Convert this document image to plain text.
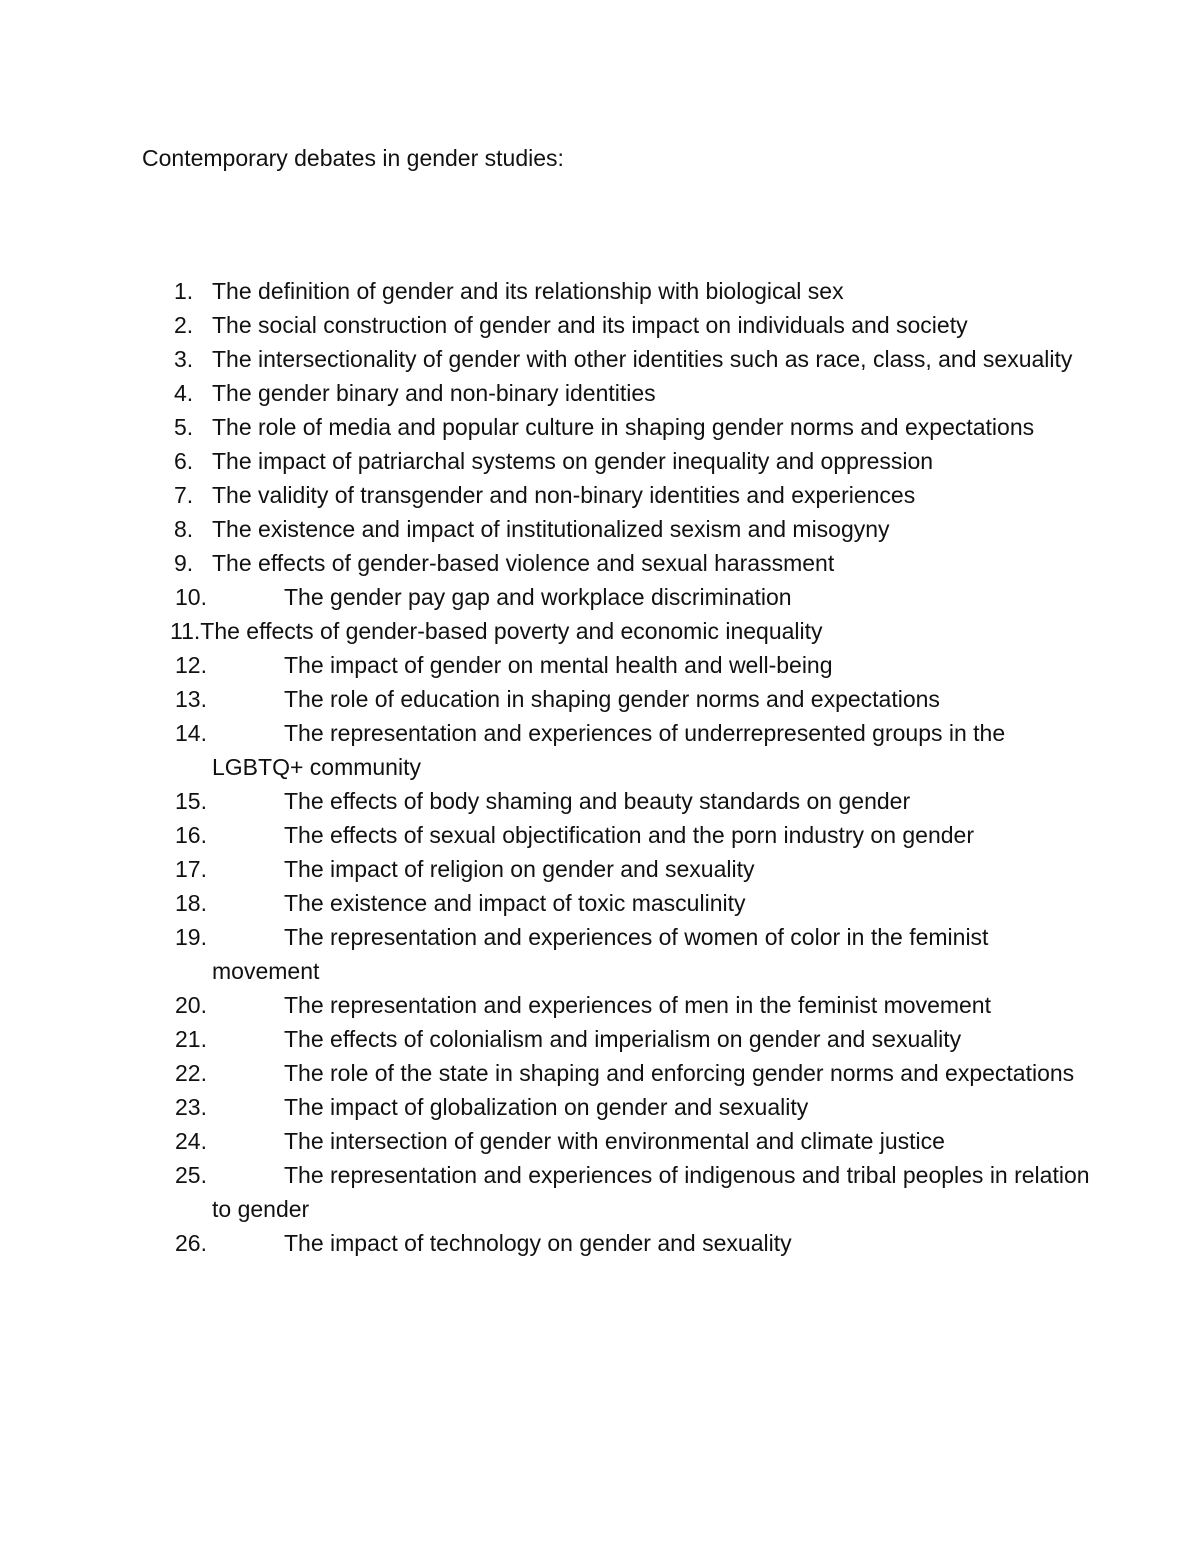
Contemporary debates in gender studies:

1. The definition of gender and its relationship with biological sex
2. The social construction of gender and its impact on individuals and society
3. The intersectionality of gender with other identities such as race, class, and sexuality
4. The gender binary and non-binary identities
5. The role of media and popular culture in shaping gender norms and expectations
6. The impact of patriarchal systems on gender inequality and oppression
7. The validity of transgender and non-binary identities and experiences
8. The existence and impact of institutionalized sexism and misogyny
9. The effects of gender-based violence and sexual harassment
10.	The gender pay gap and workplace discrimination
11.The effects of gender-based poverty and economic inequality
12.	The impact of gender on mental health and well-being
13.	The role of education in shaping gender norms and expectations
14.	The representation and experiences of underrepresented groups in the LGBTQ+ community
15.	The effects of body shaming and beauty standards on gender
16.	The effects of sexual objectification and the porn industry on gender
17.	The impact of religion on gender and sexuality
18.	The existence and impact of toxic masculinity
19.	The representation and experiences of women of color in the feminist movement
20.	The representation and experiences of men in the feminist movement
21.	The effects of colonialism and imperialism on gender and sexuality
22.	The role of the state in shaping and enforcing gender norms and expectations
23.	The impact of globalization on gender and sexuality
24.	The intersection of gender with environmental and climate justice
25.	The representation and experiences of indigenous and tribal peoples in relation to gender
26.	The impact of technology on gender and sexuality
